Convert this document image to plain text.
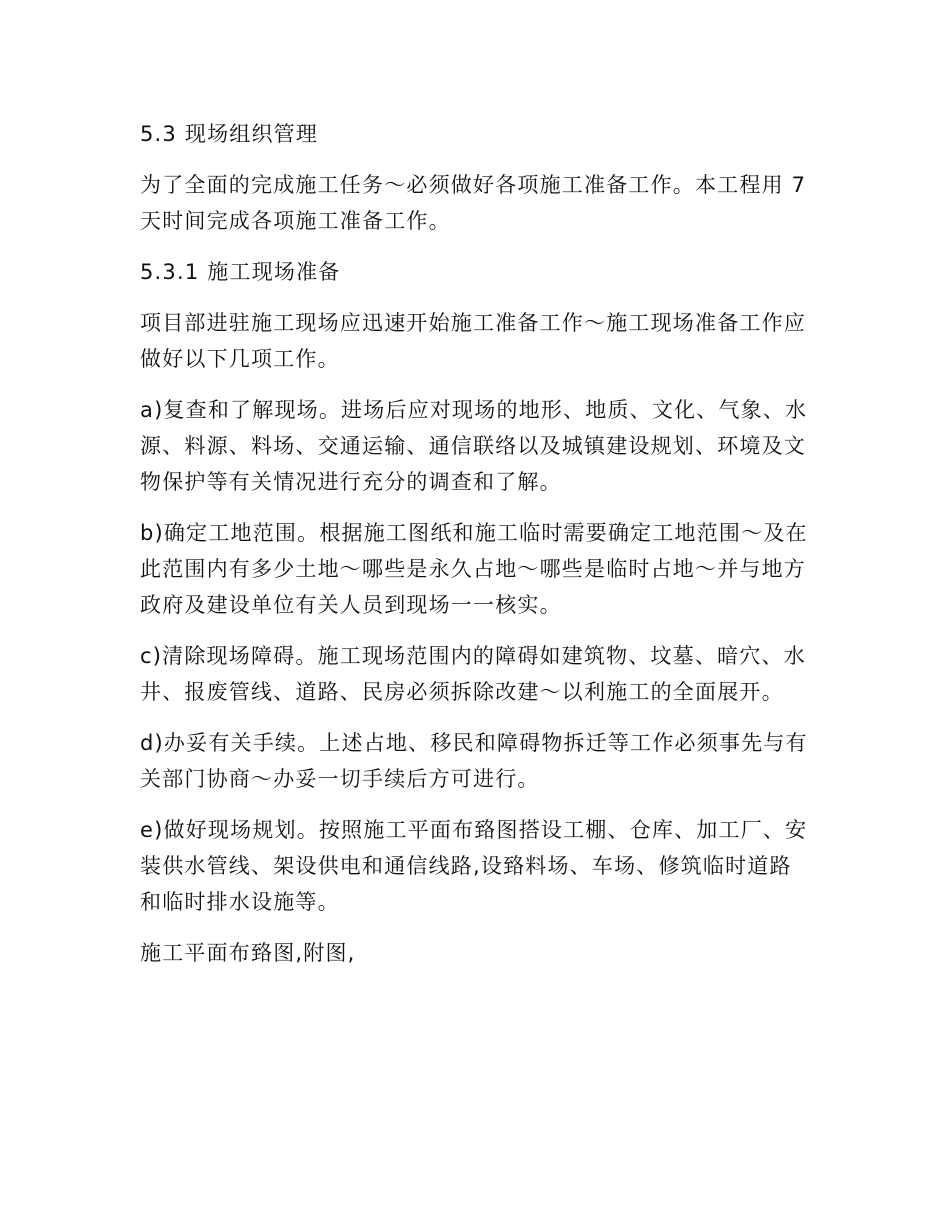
5.3 现场组织管理

为了全面的完成施工任务～必须做好各项施工准备工作。本工程用 7 天时间完成各项施工准备工作。

5.3.1 施工现场准备

项目部进驻施工现场应迅速开始施工准备工作～施工现场准备工作应做好以下几项工作。

a)复查和了解现场。进场后应对现场的地形、地质、文化、气象、水源、料源、料场、交通运输、通信联络以及城镇建设规划、环境及文物保护等有关情况进行充分的调查和了解。

b)确定工地范围。根据施工图纸和施工临时需要确定工地范围～及在此范围内有多少土地～哪些是永久占地～哪些是临时占地～并与地方政府及建设单位有关人员到现场一一核实。

c)清除现场障碍。施工现场范围内的障碍如建筑物、坟墓、暗穴、水井、报废管线、道路、民房必须拆除改建～以利施工的全面展开。

d)办妥有关手续。上述占地、移民和障碍物拆迁等工作必须事先与有关部门协商～办妥一切手续后方可进行。

e)做好现场规划。按照施工平面布臵图搭设工棚、仓库、加工厂、安装供水管线、架设供电和通信线路,设臵料场、车场、修筑临时道路和临时排水设施等。

施工平面布臵图,附图,
